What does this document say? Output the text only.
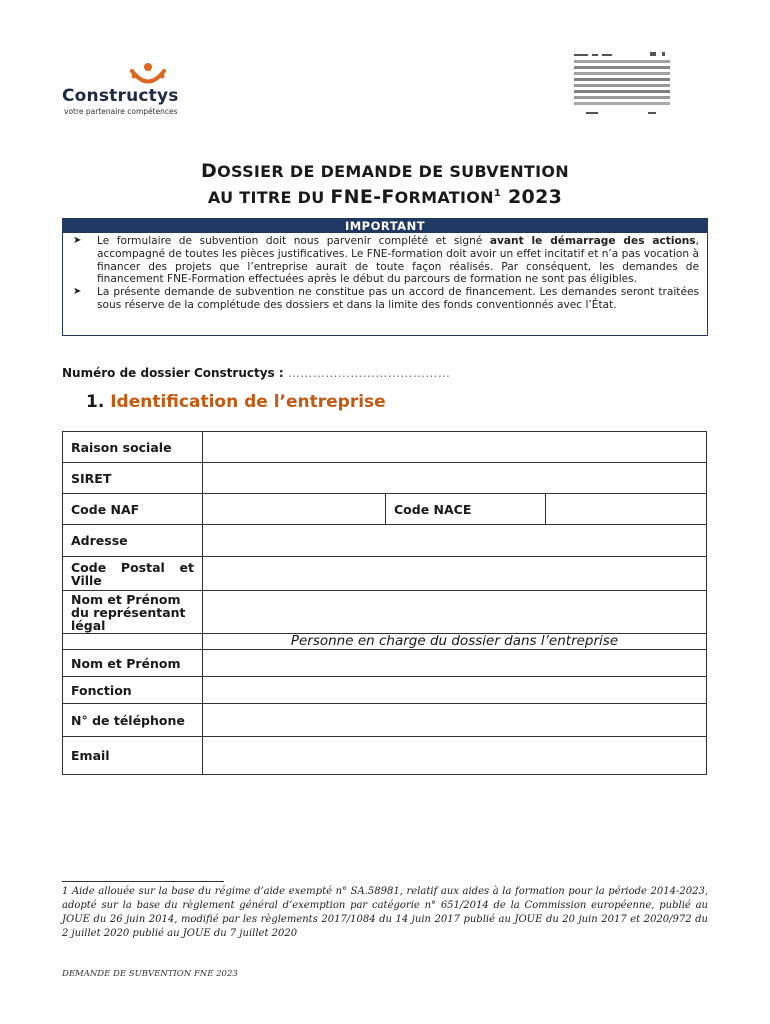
Constructys
votre partenaire compétences
DOSSIER DE DEMANDE DE SUBVENTION
AU TITRE DU FNE-FORMATION$^1$ 2023
IMPORTANT
➤ Le formulaire de subvention doit nous parvenir complété et signé avant le démarrage des actions, accompagné de toutes les pièces justificatives. Le FNE-formation doit avoir un effet incitatif et n’a pas vocation à financer des projets que l’entreprise aurait de toute façon réalisés. Par conséquent, les demandes de financement FNE-Formation effectuées après le début du parcours de formation ne sont pas éligibles.
➤ La présente demande de subvention ne constitue pas un accord de financement. Les demandes seront traitées sous réserve de la complétude des dossiers et dans la limite des fonds conventionnés avec l’État.
Numéro de dossier Constructys : …………………………………
1. Identification de l’entreprise
Raison sociale			
SIRET			
Code NAF		Code NACE	
Adresse			
Code Postal et Ville			
Nom et Prénom du représentant légal			
	Personne en charge du dossier dans l’entreprise		
Nom et Prénom			
Fonction			
N° de téléphone			
Email			
1 Aide allouée sur la base du régime d’aide exempté n° SA.58981, relatif aux aides à la formation pour la période 2014-2023, adopté sur la base du règlement général d’exemption par catégorie n° 651/2014 de la Commission européenne, publié au JOUE du 26 juin 2014, modifié par les règlements 2017/1084 du 14 juin 2017 publié au JOUE du 20 juin 2017 et 2020/972 du 2 juillet 2020 publié au JOUE du 7 juillet 2020
DEMANDE DE SUBVENTION FNE 2023
